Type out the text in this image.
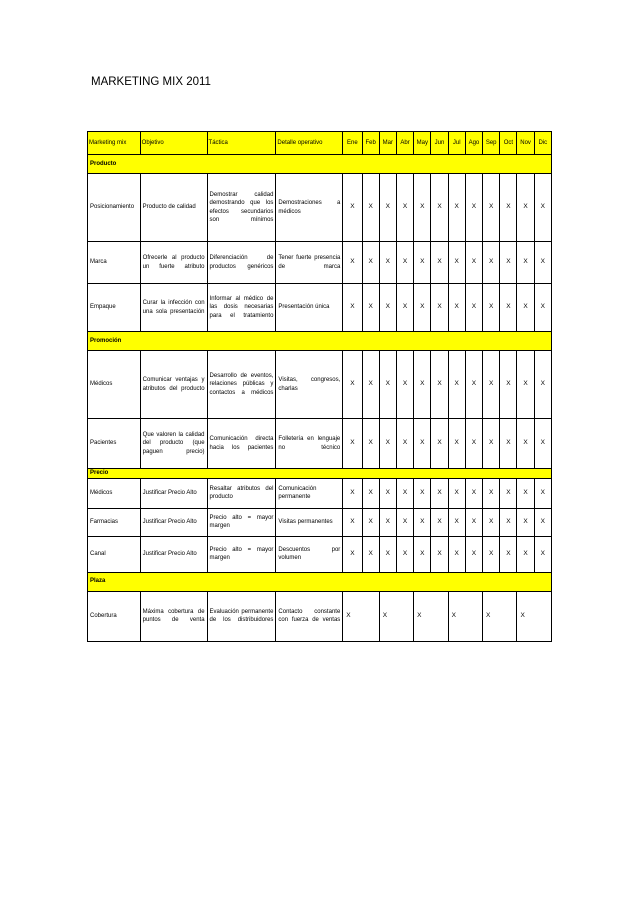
MARKETING MIX 2011
Marketing mix	Objetivo	Táctica	Detalle operativo	Ene	Feb	Mar	Abr	May	Jun	Jul	Ago	Sep	Oct	Nov	Dic
Producto															
Posicionamiento	Producto de calidad	Demostrar calidad demostrando que los efectos secundarios son mínimos	Demostraciones a médicos	X	X	X	X	X	X	X	X	X	X	X	X
Marca	Ofrecerle al producto un fuerte atributo	Diferenciación de productos genéricos	Tener fuerte presencia de marca	X	X	X	X	X	X	X	X	X	X	X	X
Empaque	Curar la infección con una sola presentación	Informar al médico de las dosis necesarias para el tratamiento	Presentación única	X	X	X	X	X	X	X	X	X	X	X	X
Promoción															
Médicos	Comunicar ventajas y atributos del producto	Desarrollo de eventos, relaciones públicas y contactos a médicos	Visitas, congresos, charlas	X	X	X	X	X	X	X	X	X	X	X	X
Pacientes	Que valoren la calidad del producto (que paguen precio)	Comunicación directa hacia los pacientes	Folletería en lenguaje no técnico	X	X	X	X	X	X	X	X	X	X	X	X
Precio															
Médicos	Justificar Precio Alto	Resaltar atributos del producto	Comunicación permanente	X	X	X	X	X	X	X	X	X	X	X	X
Farmacias	Justificar Precio Alto	Precio alto = mayor margen	Visitas permanentes	X	X	X	X	X	X	X	X	X	X	X	X
Canal	Justificar Precio Alto	Precio alto = mayor margen	Descuentos por volumen	X	X	X	X	X	X	X	X	X	X	X	X
Plaza															
Cobertura	Máxima cobertura de puntos de venta	Evaluación permanente de los distribuidores	Contacto constante con fuerza de ventas	X		X		X		X		X		X	
